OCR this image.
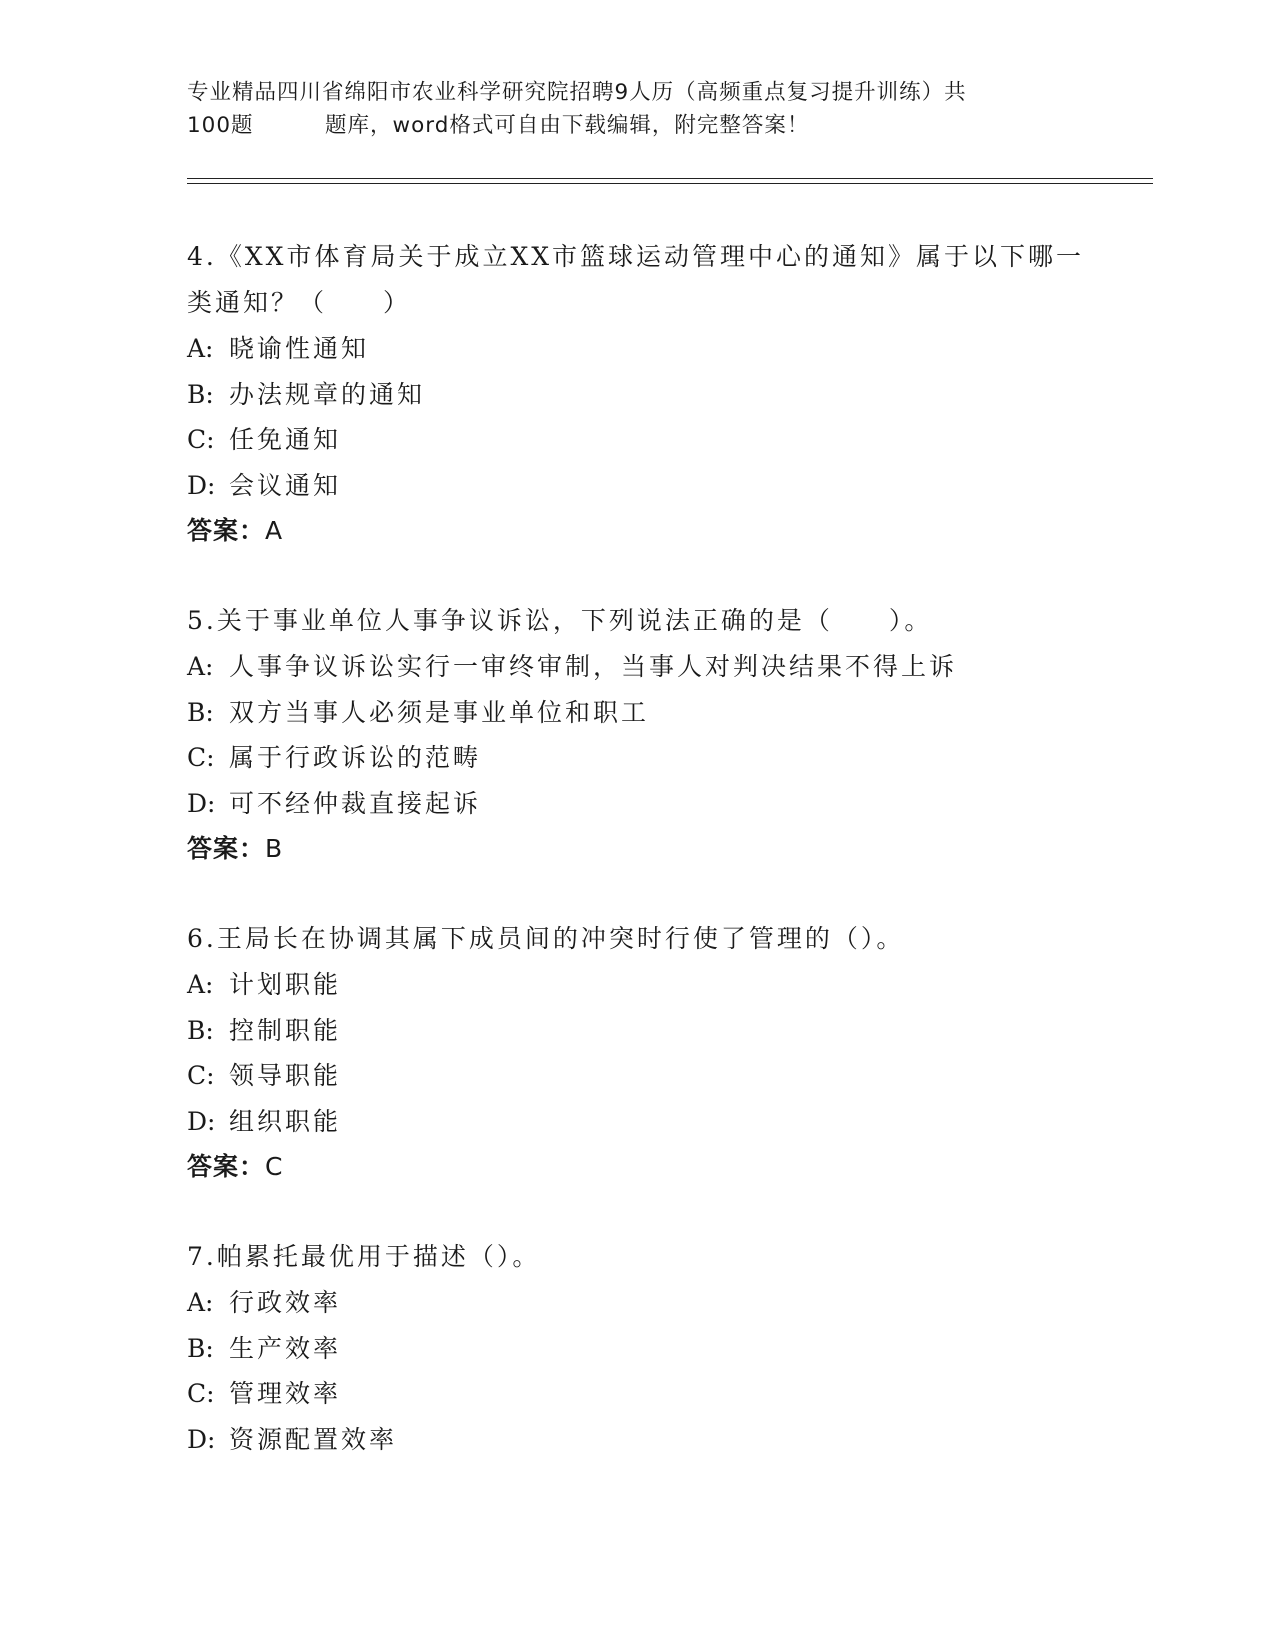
专业精品四川省绵阳市农业科学研究院招聘9人历（高频重点复习提升训练）共
100题	题库，word格式可自由下载编辑，附完整答案！
4.《XX市体育局关于成立XX市篮球运动管理中心的通知》属于以下哪一类通知？（　　）
A: 晓谕性通知
B: 办法规章的通知
C: 任免通知
D: 会议通知
答案：A
5.关于事业单位人事争议诉讼，下列说法正确的是（　　）。
A: 人事争议诉讼实行一审终审制，当事人对判决结果不得上诉
B: 双方当事人必须是事业单位和职工
C: 属于行政诉讼的范畴
D: 可不经仲裁直接起诉
答案：B
6.王局长在协调其属下成员间的冲突时行使了管理的（）。
A: 计划职能
B: 控制职能
C: 领导职能
D: 组织职能
答案：C
7.帕累托最优用于描述（）。
A: 行政效率
B: 生产效率
C: 管理效率
D: 资源配置效率
